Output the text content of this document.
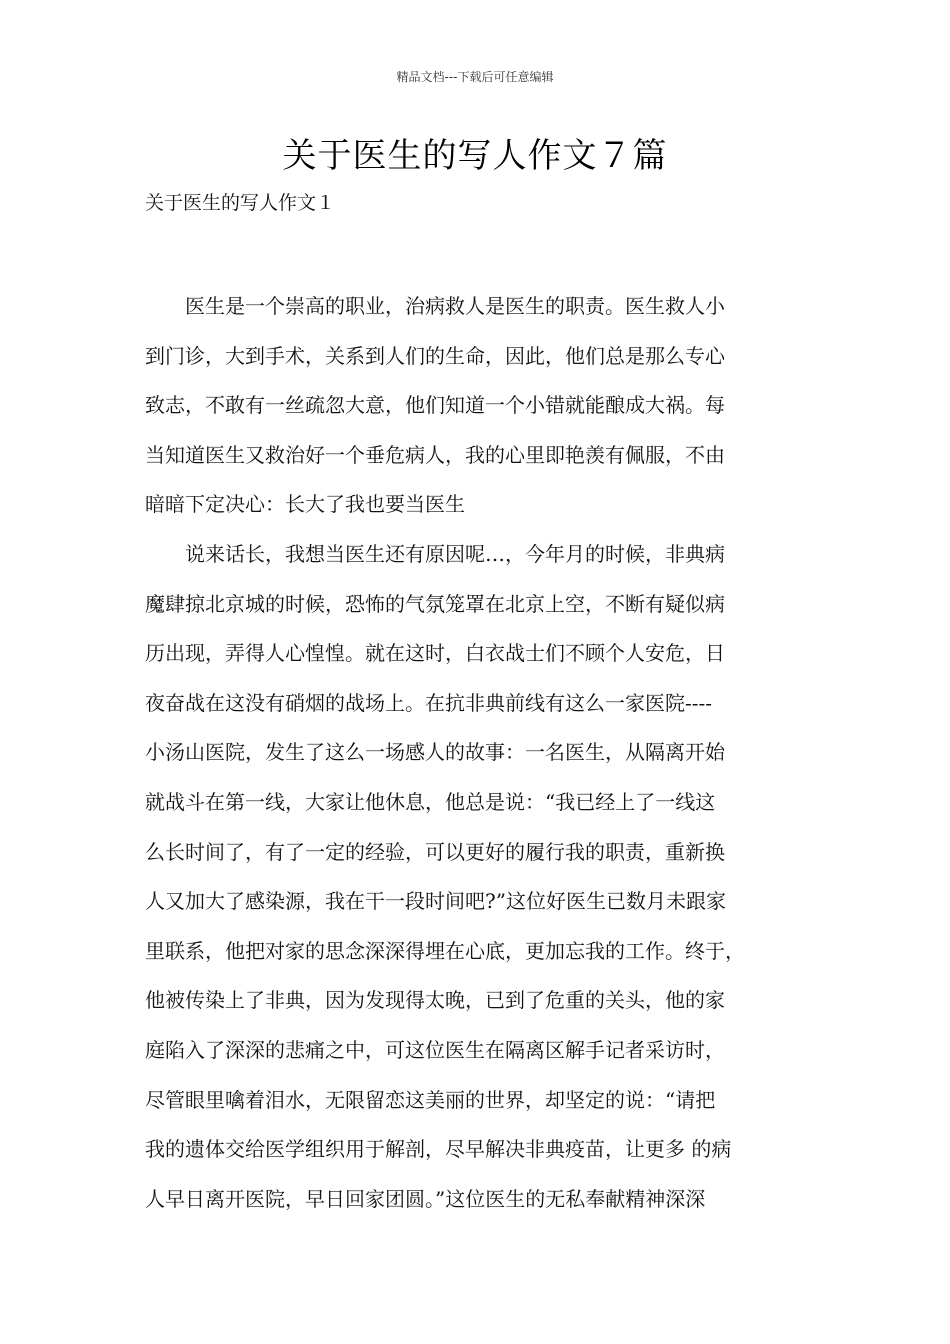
精品文档---下载后可任意编辑
关于医生的写人作文７篇
关于医生的写人作文１

医生是一个崇高的职业，治病救人是医生的职责。医生救人小
到门诊，大到手术，关系到人们的生命，因此，他们总是那么专心
致志，不敢有一丝疏忽大意，他们知道一个小错就能酿成大祸。每
当知道医生又救治好一个垂危病人，我的心里即艳羡有佩服，不由
暗暗下定决心：长大了我也要当医生

说来话长，我想当医生还有原因呢…，今年月的时候，非典病
魔肆掠北京城的时候，恐怖的气氛笼罩在北京上空，不断有疑似病
历出现，弄得人心惶惶。就在这时，白衣战士们不顾个人安危，日
夜奋战在这没有硝烟的战场上。在抗非典前线有这么一家医院----
小汤山医院，发生了这么一场感人的故事：一名医生，从隔离开始
就战斗在第一线，大家让他休息，他总是说：“我已经上了一线这
么长时间了，有了一定的经验，可以更好的履行我的职责，重新换
人又加大了感染源，我在干一段时间吧?”这位好医生已数月未跟家
里联系，他把对家的思念深深得埋在心底，更加忘我的工作。终于，
他被传染上了非典，因为发现得太晚，已到了危重的关头，他的家
庭陷入了深深的悲痛之中，可这位医生在隔离区解手记者采访时，
尽管眼里噙着泪水，无限留恋这美丽的世界，却坚定的说：“请把
我的遗体交给医学组织用于解剖，尽早解决非典疫苗，让更多 的病
人早日离开医院，早日回家团圆。”这位医生的无私奉献精神深深
